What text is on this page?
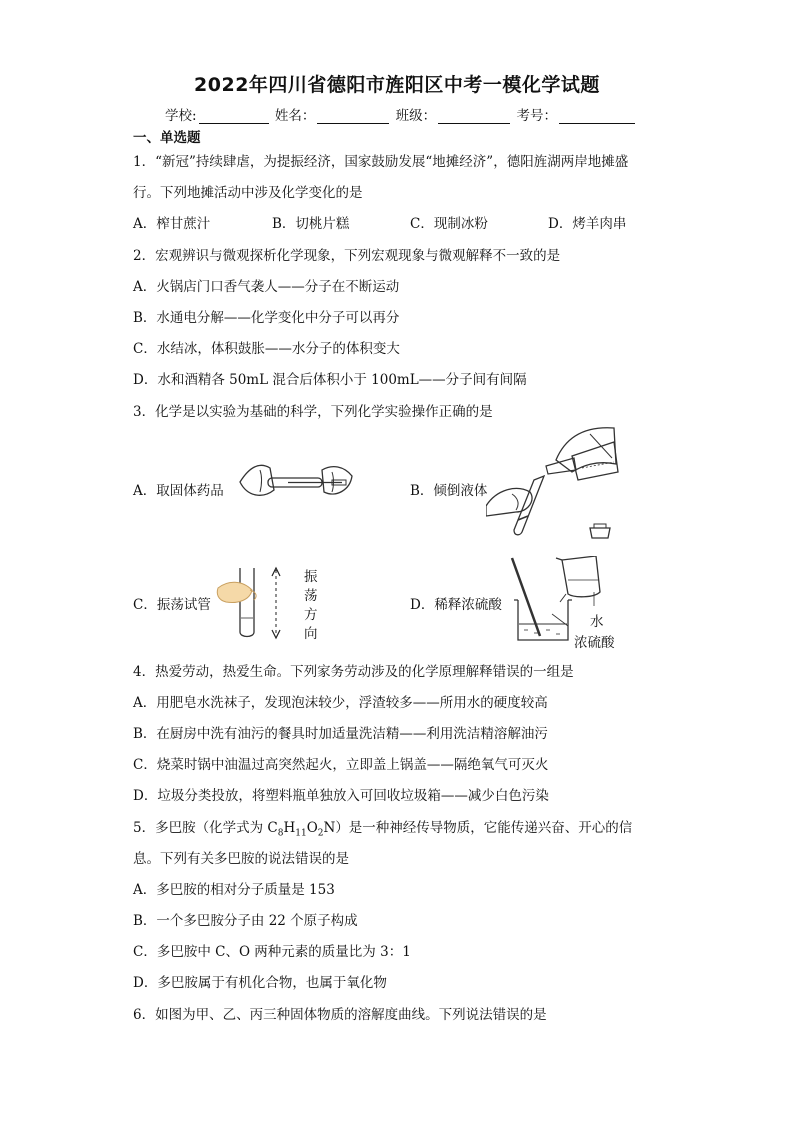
2022年四川省德阳市旌阳区中考一模化学试题
学校:	姓名：	班级：	考号：
一、单选题
1．“新冠”持续肆虐，为提振经济，国家鼓励发展“地摊经济”，德阳旌湖两岸地摊盛
行。下列地摊活动中涉及化学变化的是
A．榨甘蔗汁	B．切桃片糕	C．现制冰粉	D．烤羊肉串
2．宏观辨识与微观探析化学现象，下列宏观现象与微观解释不一致的是
A．火锅店门口香气袭人——分子在不断运动
B．水通电分解——化学变化中分子可以再分
C．水结冰，体积鼓胀——水分子的体积变大
D．水和酒精各 50mL 混合后体积小于 100mL——分子间有间隔
3．化学是以实验为基础的科学，下列化学实验操作正确的是
A．取固体药品	B．倾倒液体
C．振荡试管
振
荡
方
向
D．稀释浓硫酸
水
浓硫酸
4．热爱劳动，热爱生命。下列家务劳动涉及的化学原理解释错误的一组是
A．用肥皂水洗袜子，发现泡沫较少，浮渣较多——所用水的硬度较高
B．在厨房中洗有油污的餐具时加适量洗洁精——利用洗洁精溶解油污
C．烧菜时锅中油温过高突然起火，立即盖上锅盖——隔绝氧气可灭火
D．垃圾分类投放，将塑料瓶单独放入可回收垃圾箱——减少白色污染
5．多巴胺（化学式为 $C_8H_{11}O_2N$）是一种神经传导物质，它能传递兴奋、开心的信
息。下列有关多巴胺的说法错误的是
A．多巴胺的相对分子质量是 153
B．一个多巴胺分子由 22 个原子构成
C．多巴胺中 C、O 两种元素的质量比为 3：1
D．多巴胺属于有机化合物，也属于氧化物
6．如图为甲、乙、丙三种固体物质的溶解度曲线。下列说法错误的是
